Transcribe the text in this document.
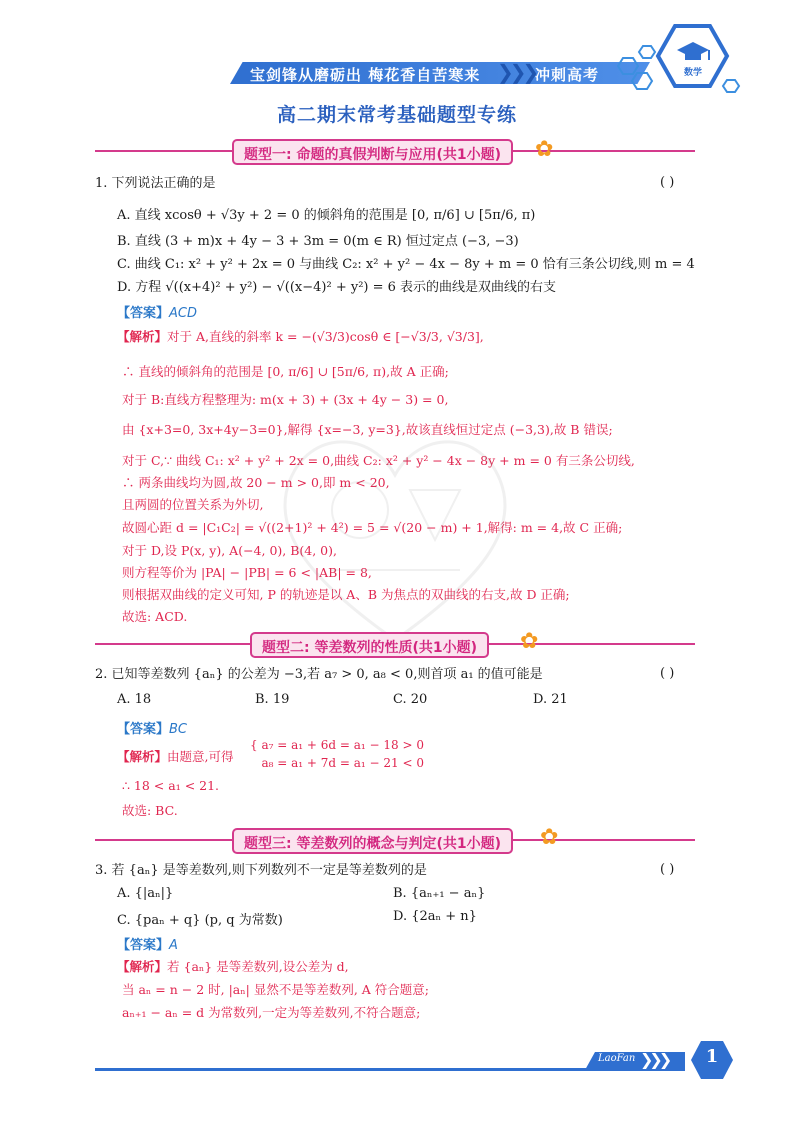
宝剑锋从磨砺出 梅花香自苦寒来 ❯❯❯ 冲刺高考	数学
高二期末常考基础题型专练
题型一: 命题的真假判断与应用(共1小题)	✿
1. 下列说法正确的是	( )
A. 直线 xcosθ + √3y + 2 = 0 的倾斜角的范围是 [0, π/6] ∪ [5π/6, π)
B. 直线 (3 + m)x + 4y − 3 + 3m = 0(m ∈ R) 恒过定点 (−3, −3)
C. 曲线 C₁: x² + y² + 2x = 0 与曲线 C₂: x² + y² − 4x − 8y + m = 0 恰有三条公切线,则 m = 4
D. 方程 √((x+4)² + y²) − √((x−4)² + y²) = 6 表示的曲线是双曲线的右支
【答案】ACD
【解析】对于 A,直线的斜率 k = −(√3/3)cosθ ∈ [−√3/3, √3/3],
∴ 直线的倾斜角的范围是 [0, π/6] ∪ [5π/6, π),故 A 正确;
对于 B:直线方程整理为: m(x + 3) + (3x + 4y − 3) = 0,
由 {x+3=0, 3x+4y−3=0},解得 {x=−3, y=3},故该直线恒过定点 (−3,3),故 B 错误;
对于 C,∵ 曲线 C₁: x² + y² + 2x = 0,曲线 C₂: x² + y² − 4x − 8y + m = 0 有三条公切线,
∴ 两条曲线均为圆,故 20 − m > 0,即 m < 20,
且两圆的位置关系为外切,
故圆心距 d = |C₁C₂| = √((2+1)² + 4²) = 5 = √(20 − m) + 1,解得: m = 4,故 C 正确;
对于 D,设 P(x, y), A(−4, 0), B(4, 0),
则方程等价为 |PA| − |PB| = 6 < |AB| = 8,
则根据双曲线的定义可知, P 的轨迹是以 A、B 为焦点的双曲线的右支,故 D 正确;
故选: ACD.
题型二: 等差数列的性质(共1小题)	✿
2. 已知等差数列 {aₙ} 的公差为 −3,若 a₇ > 0, a₈ < 0,则首项 a₁ 的值可能是	( )
A. 18	B. 19	C. 20	D. 21
【答案】BC
【解析】由题意,可得
{ a₇ = a₁ + 6d = a₁ − 18 > 0
a₈ = a₁ + 7d = a₁ − 21 < 0
∴ 18 < a₁ < 21.
故选: BC.
题型三: 等差数列的概念与判定(共1小题)	✿
3. 若 {aₙ} 是等差数列,则下列数列不一定是等差数列的是	( )
A. {|aₙ|}	B. {aₙ₊₁ − aₙ}
C. {paₙ + q} (p, q 为常数)	D. {2aₙ + n}
【答案】A
【解析】若 {aₙ} 是等差数列,设公差为 d,
当 aₙ = n − 2 时, |aₙ| 显然不是等差数列, A 符合题意;
aₙ₊₁ − aₙ = d 为常数列,一定为等差数列,不符合题意;
LaoFan ❯❯❯	1
